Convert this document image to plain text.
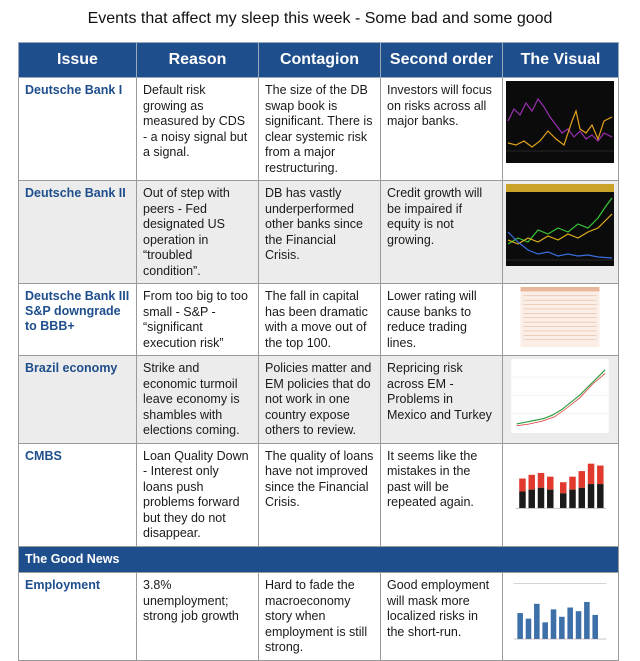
Events that affect my sleep this week - Some bad and some good
Issue	Reason	Contagion	Second order	The Visual
Deutsche Bank I	Default risk growing as measured by CDS - a noisy signal but a signal.	The size of the DB swap book is significant. There is clear systemic risk from a major restructuring.	Investors will focus on risks across all major banks.	

Deutsche Bank II	Out of step with peers - Fed designated US operation in “troubled condition”.	DB has vastly underperformed other banks since the Financial Crisis.	Credit growth will be impaired if equity is not growing.	

Deutsche Bank III S&P downgrade to BBB+	From too big to too small - S&P - “significant execution risk”	The fall in capital has been dramatic with a move out of the top 100.	Lower rating will cause banks to reduce trading lines.	

Brazil economy	Strike and economic turmoil leave economy is shambles with elections coming.	Policies matter and EM policies that do not work in one country expose others to review.	Repricing risk across EM - Problems in Mexico and Turkey	

CMBS	Loan Quality Down - Interest only loans push problems forward but they do not disappear.	The quality of loans have not improved since the Financial Crisis.	It seems like the mistakes in the past will be repeated again.	

The Good News				
Employment	3.8% unemployment; strong job growth	Hard to fade the macroeconomy story when employment is still strong.	Good employment will mask more localized risks in the short-run.	
